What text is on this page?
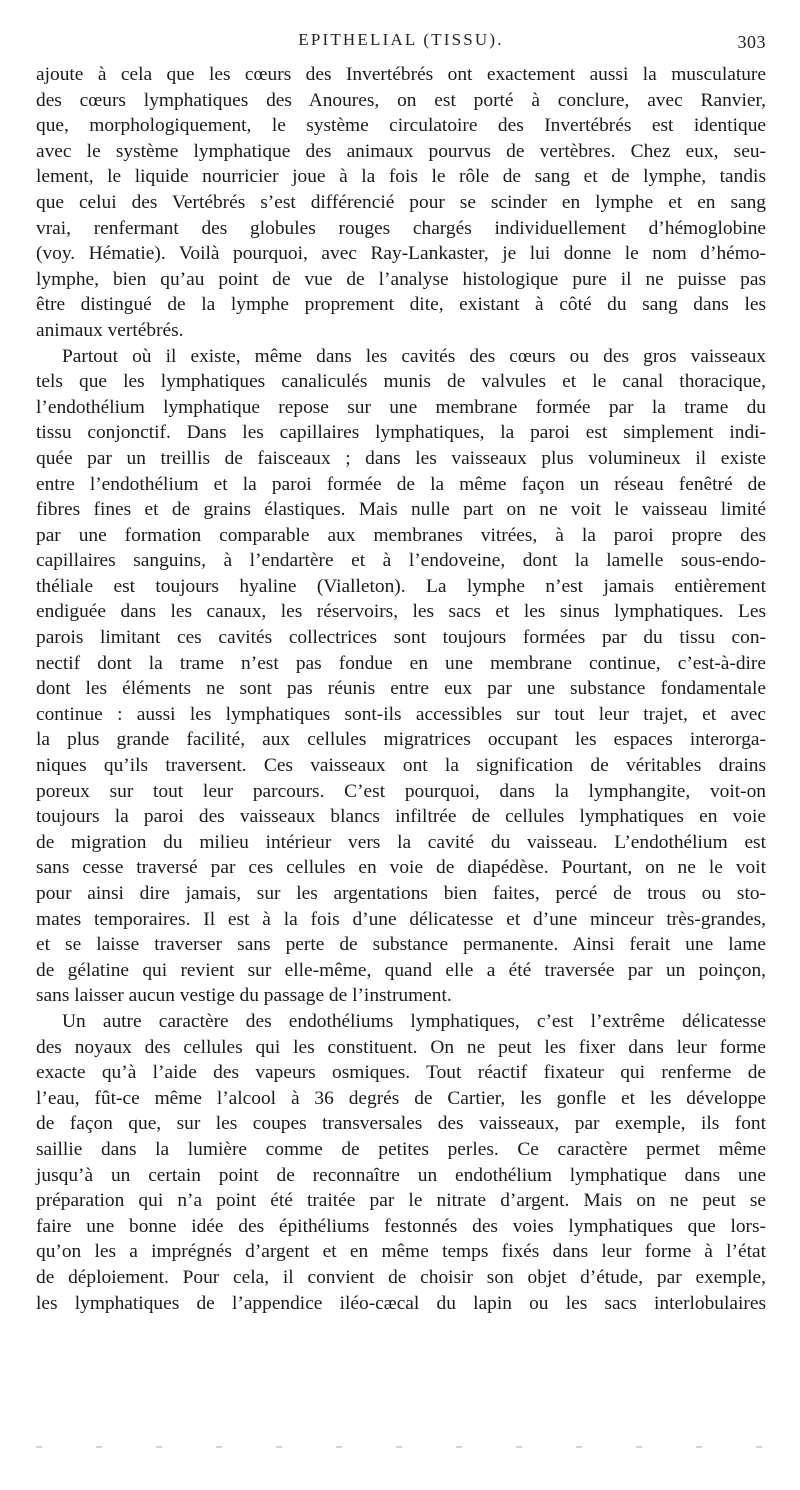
EPITHELIAL (TISSU).	303
ajoute à cela que les cœurs des Invertébrés ont exactement aussi la musculature
des cœurs lymphatiques des Anoures, on est porté à conclure, avec Ranvier,
que, morphologiquement, le système circulatoire des Invertébrés est identique
avec le système lymphatique des animaux pourvus de vertèbres. Chez eux, seu-
lement, le liquide nourricier joue à la fois le rôle de sang et de lymphe, tandis
que celui des Vertébrés s’est différencié pour se scinder en lymphe et en sang
vrai, renfermant des globules rouges chargés individuellement d’hémoglobine
(voy. Hématie). Voilà pourquoi, avec Ray-Lankaster, je lui donne le nom d’hémo-
lymphe, bien qu’au point de vue de l’analyse histologique pure il ne puisse pas
être distingué de la lymphe proprement dite, existant à côté du sang dans les
animaux vertébrés.
Partout où il existe, même dans les cavités des cœurs ou des gros vaisseaux
tels que les lymphatiques canaliculés munis de valvules et le canal thoracique,
l’endothélium lymphatique repose sur une membrane formée par la trame du
tissu conjonctif. Dans les capillaires lymphatiques, la paroi est simplement indi-
quée par un treillis de faisceaux ; dans les vaisseaux plus volumineux il existe
entre l’endothélium et la paroi formée de la même façon un réseau fenêtré de
fibres fines et de grains élastiques. Mais nulle part on ne voit le vaisseau limité
par une formation comparable aux membranes vitrées, à la paroi propre des
capillaires sanguins, à l’endartère et à l’endoveine, dont la lamelle sous-endo-
théliale est toujours hyaline (Vialleton). La lymphe n’est jamais entièrement
endiguée dans les canaux, les réservoirs, les sacs et les sinus lymphatiques. Les
parois limitant ces cavités collectrices sont toujours formées par du tissu con-
nectif dont la trame n’est pas fondue en une membrane continue, c’est-à-dire
dont les éléments ne sont pas réunis entre eux par une substance fondamentale
continue : aussi les lymphatiques sont-ils accessibles sur tout leur trajet, et avec
la plus grande facilité, aux cellules migratrices occupant les espaces interorga-
niques qu’ils traversent. Ces vaisseaux ont la signification de véritables drains
poreux sur tout leur parcours. C’est pourquoi, dans la lymphangite, voit-on
toujours la paroi des vaisseaux blancs infiltrée de cellules lymphatiques en voie
de migration du milieu intérieur vers la cavité du vaisseau. L’endothélium est
sans cesse traversé par ces cellules en voie de diapédèse. Pourtant, on ne le voit
pour ainsi dire jamais, sur les argentations bien faites, percé de trous ou sto-
mates temporaires. Il est à la fois d’une délicatesse et d’une minceur très-grandes,
et se laisse traverser sans perte de substance permanente. Ainsi ferait une lame
de gélatine qui revient sur elle-même, quand elle a été traversée par un poinçon,
sans laisser aucun vestige du passage de l’instrument.
Un autre caractère des endothéliums lymphatiques, c’est l’extrême délicatesse
des noyaux des cellules qui les constituent. On ne peut les fixer dans leur forme
exacte qu’à l’aide des vapeurs osmiques. Tout réactif fixateur qui renferme de
l’eau, fût-ce même l’alcool à 36 degrés de Cartier, les gonfle et les développe
de façon que, sur les coupes transversales des vaisseaux, par exemple, ils font
saillie dans la lumière comme de petites perles. Ce caractère permet même
jusqu’à un certain point de reconnaître un endothélium lymphatique dans une
préparation qui n’a point été traitée par le nitrate d’argent. Mais on ne peut se
faire une bonne idée des épithéliums festonnés des voies lymphatiques que lors-
qu’on les a imprégnés d’argent et en même temps fixés dans leur forme à l’état
de déploiement. Pour cela, il convient de choisir son objet d’étude, par exemple,
les lymphatiques de l’appendice iléo-cæcal du lapin ou les sacs interlobulaires
